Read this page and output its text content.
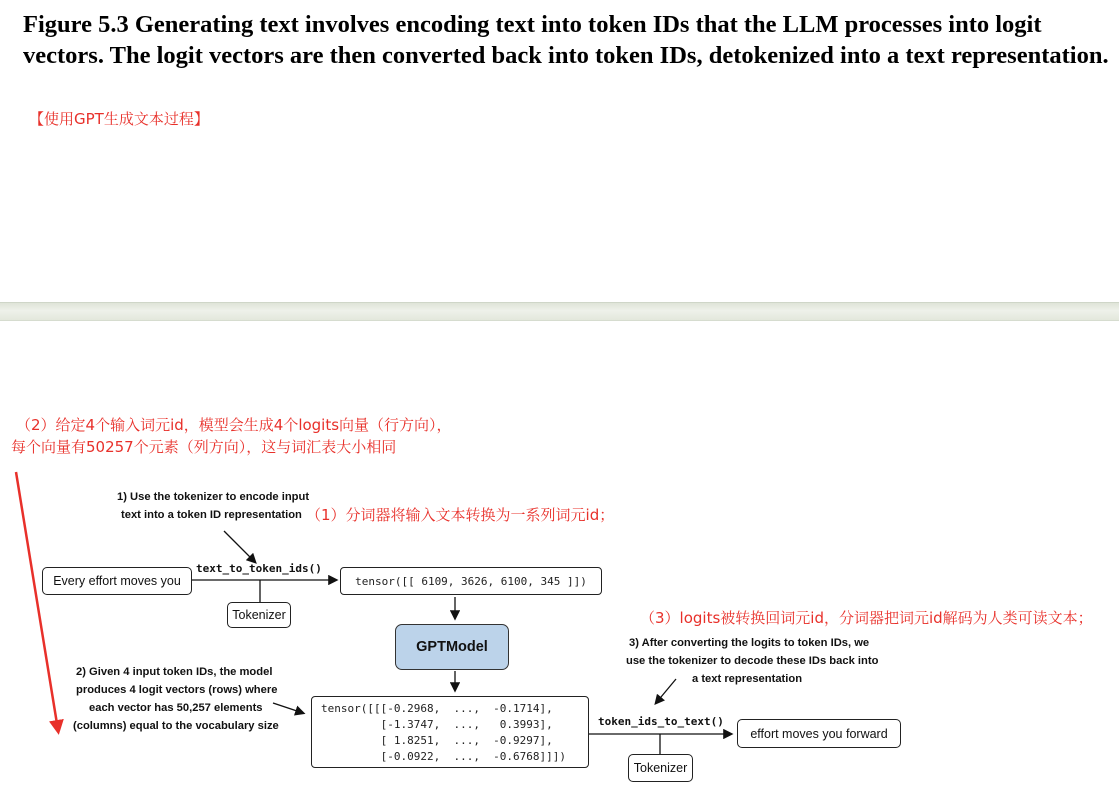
Figure 5.3 Generating text involves encoding text into token IDs that the LLM processes into logit vectors. The logit vectors are then converted back into token IDs, detokenized into a text representation.
【使用GPT生成文本过程】
（2）给定4个输入词元id，模型会生成4个logits向量（行方向），
每个向量有50257个元素（列方向），这与词汇表大小相同
（1）分词器将输入文本转换为一系列词元id；
（3）logits被转换回词元id，分词器把词元id解码为人类可读文本；
1) Use the tokenizer to encode input
text into a token ID representation
Every effort moves you
text_to_token_ids()
Tokenizer
tensor([[ 6109, 3626, 6100, 345 ]])
GPTModel
2) Given 4 input token IDs, the model
produces 4 logit vectors (rows) where
each vector has 50,257 elements
(columns) equal to the vocabulary size
tensor([[[-0.2968,  ...,  -0.1714],
[-1.3747,  ...,   0.3993],
[ 1.8251,  ...,  -0.9297],
[-0.0922,  ...,  -0.6768]]])
3) After converting the logits to token IDs, we
use the tokenizer to decode these IDs back into
a text representation
token_ids_to_text()
effort moves you forward
Tokenizer
